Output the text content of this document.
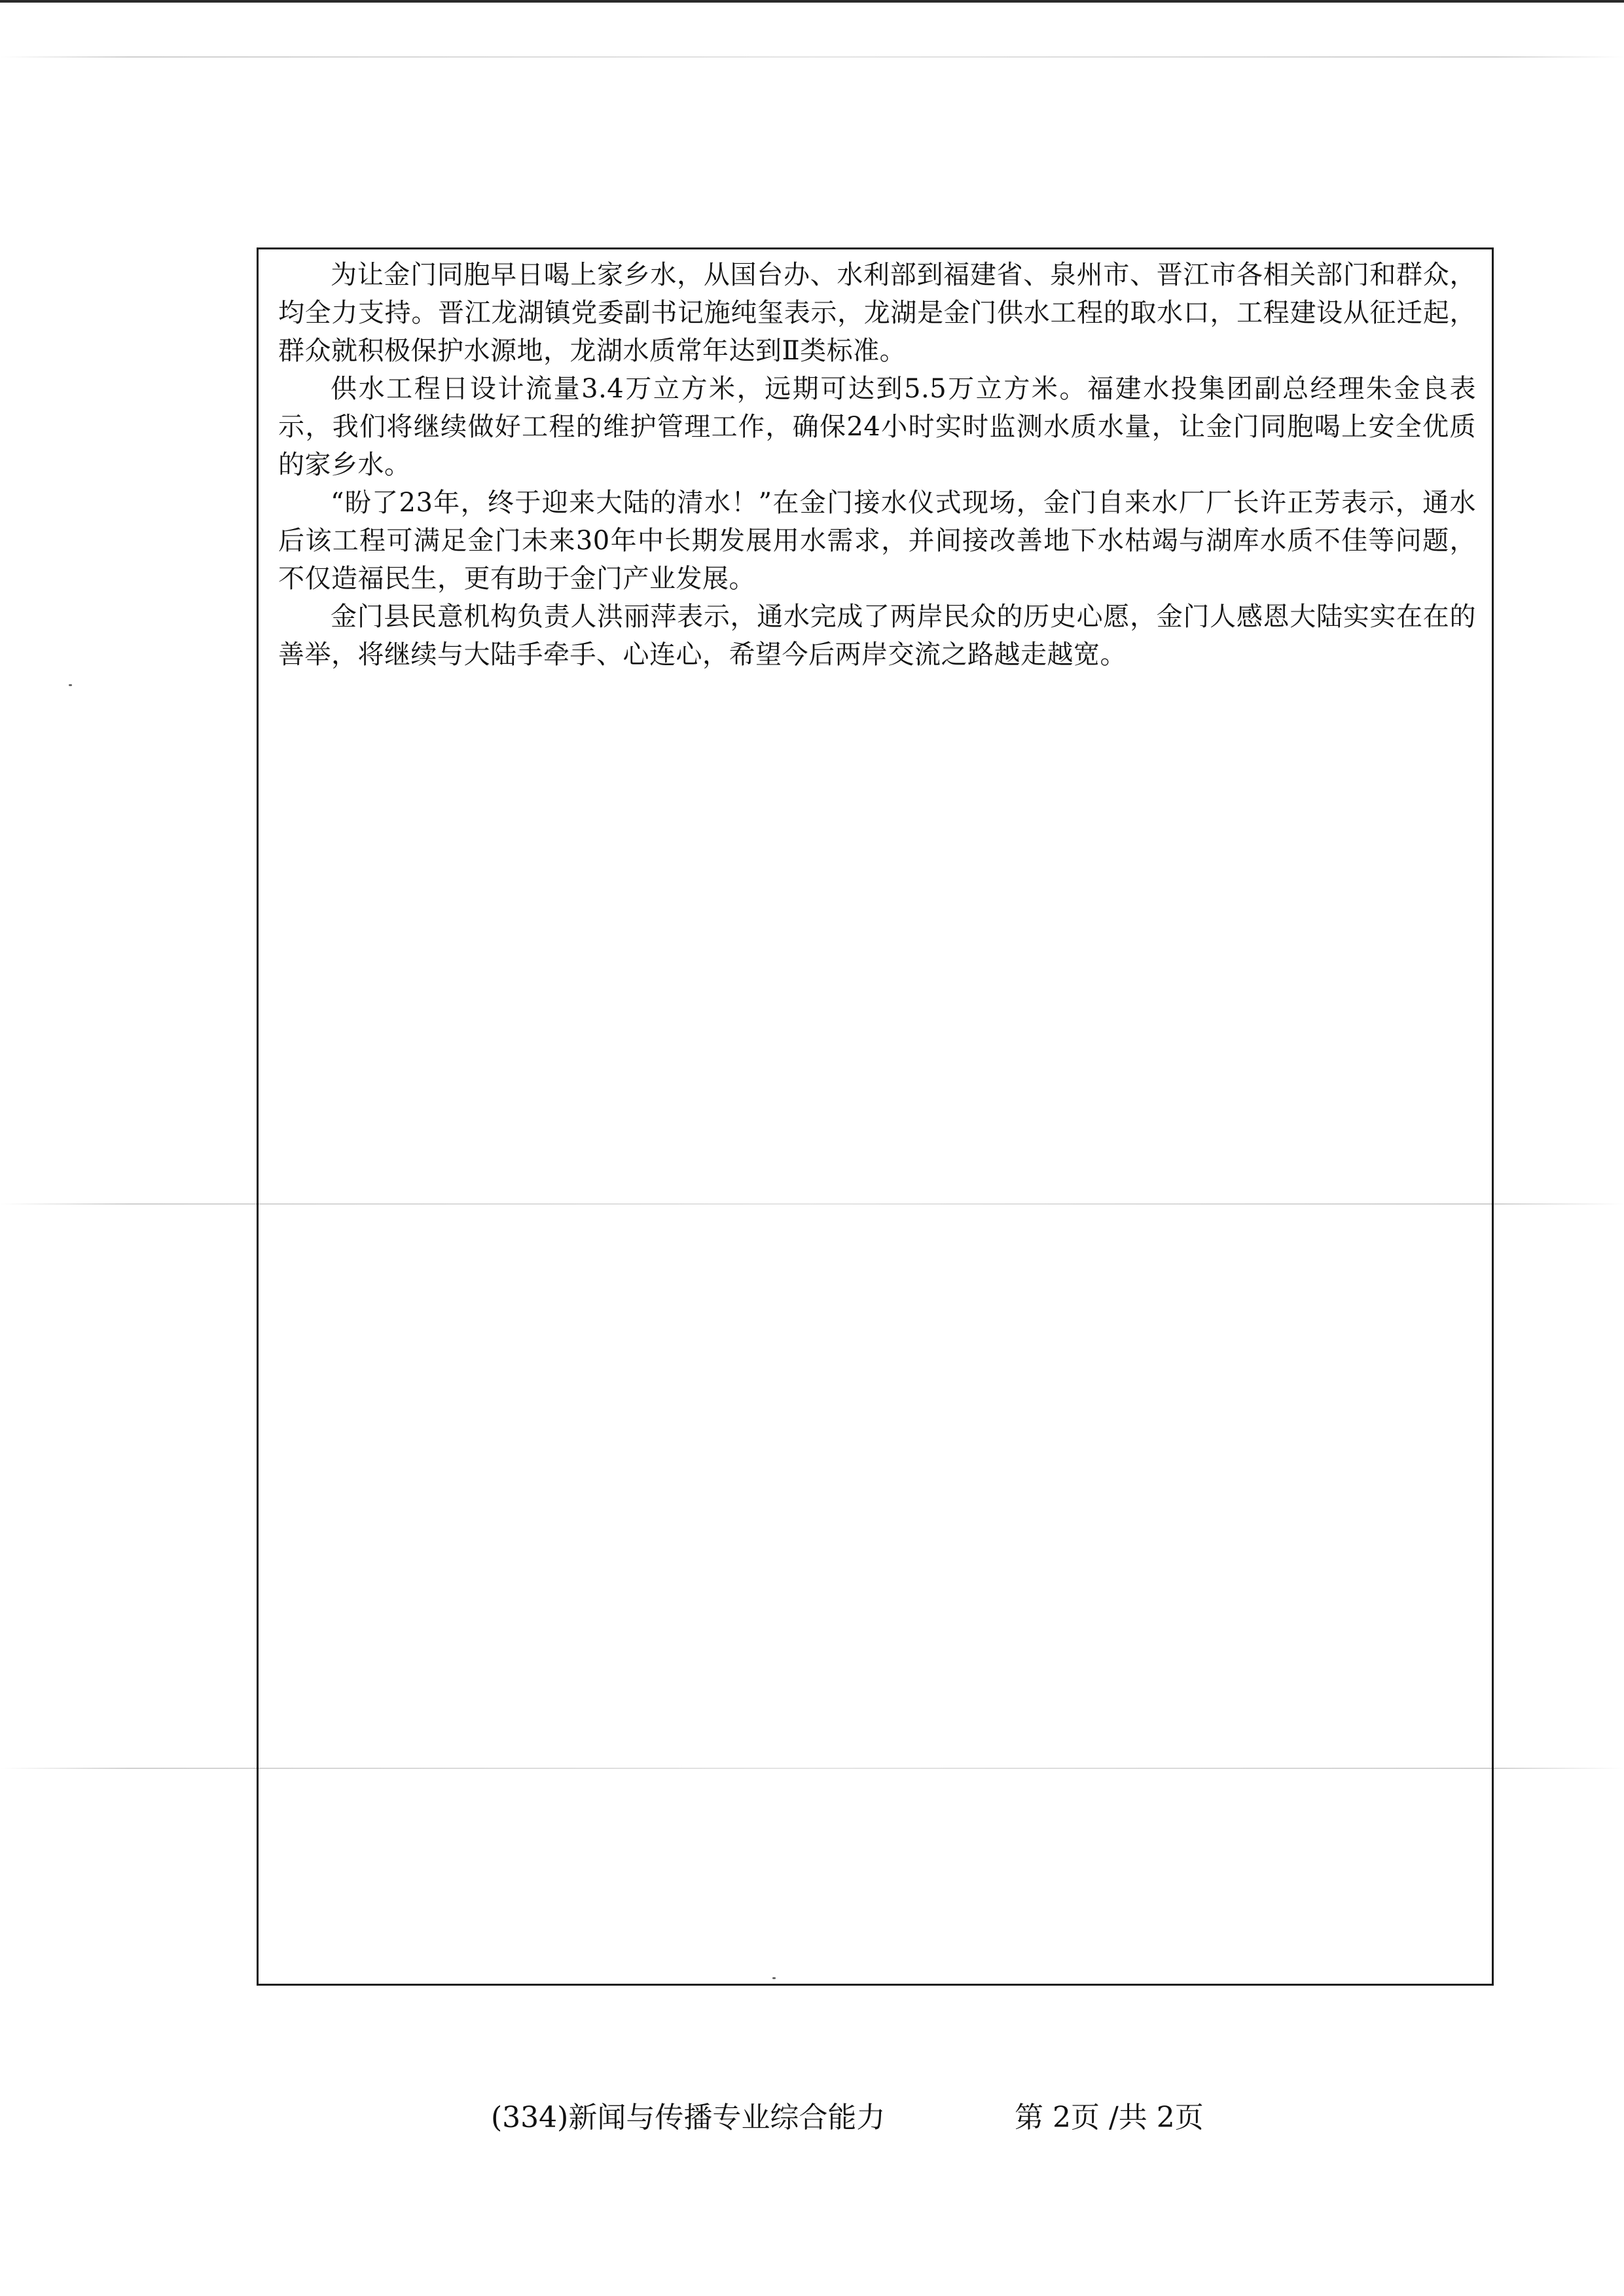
为让金门同胞早日喝上家乡水，从国台办、水利部到福建省、泉州市、晋江市各相关部门和群众，均全力支持。晋江龙湖镇党委副书记施纯玺表示，龙湖是金门供水工程的取水口，工程建设从征迁起，群众就积极保护水源地，龙湖水质常年达到Ⅱ类标准。

供水工程日设计流量3.4万立方米，远期可达到5.5万立方米。福建水投集团副总经理朱金良表示，我们将继续做好工程的维护管理工作，确保24小时实时监测水质水量，让金门同胞喝上安全优质的家乡水。

“盼了23年，终于迎来大陆的清水！”在金门接水仪式现场，金门自来水厂厂长许正芳表示，通水后该工程可满足金门未来30年中长期发展用水需求，并间接改善地下水枯竭与湖库水质不佳等问题，不仅造福民生，更有助于金门产业发展。

金门县民意机构负责人洪丽萍表示，通水完成了两岸民众的历史心愿，金门人感恩大陆实实在在的善举，将继续与大陆手牵手、心连心，希望今后两岸交流之路越走越宽。

(334)新闻与传播专业综合能力	第 2页 /共 2页
